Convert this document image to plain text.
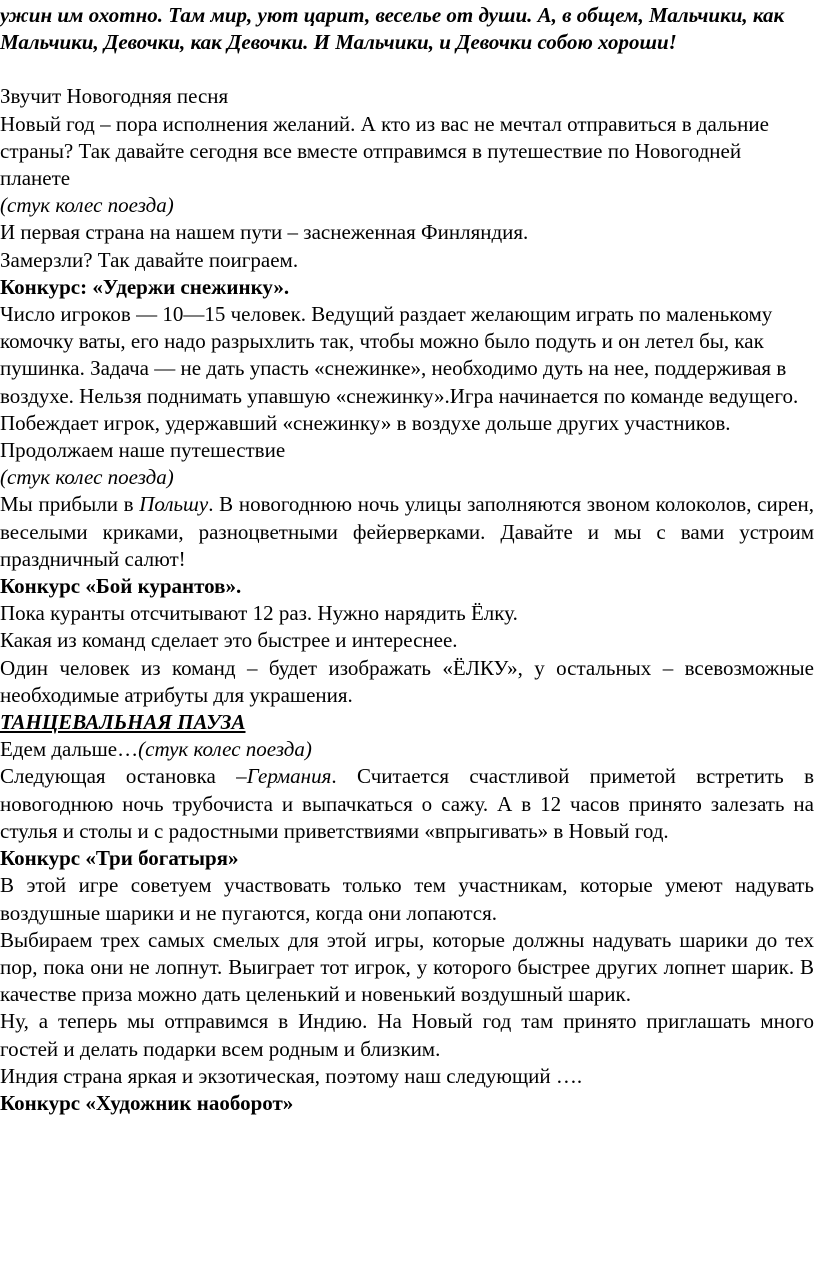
ужин им охотно. Там мир, уют царит, веселье от души. А, в общем, Мальчики, как Мальчики, Девочки, как Девочки. И Мальчики, и Девочки собою хороши!

Звучит Новогодняя песня

Новый год – пора исполнения желаний. А кто из вас не мечтал отправиться в дальние страны? Так давайте сегодня все вместе отправимся в путешествие по Новогодней планете

(стук колес поезда)

И первая страна на нашем пути – заснеженная Финляндия.

Замерзли? Так давайте поиграем.

Конкурс: «Удержи снежинку».

Число игроков — 10—15 человек. Ведущий раздает желающим играть по маленькому комочку ваты, его надо разрыхлить так, чтобы можно было подуть и он летел бы, как пушинка. Задача — не дать упасть «снежинке», необходимо дуть на нее, поддерживая в воздухе. Нельзя поднимать упавшую «снежинку».Игра начинается по команде ведущего. Побеждает игрок, удержавший «снежинку» в воздухе дольше других участников.

Продолжаем наше путешествие

(стук колес поезда)

Мы прибыли в Польшу. В новогоднюю ночь улицы заполняются звоном колоколов, сирен, веселыми криками, разноцветными фейерверками. Давайте и мы с вами устроим праздничный салют!

Конкурс «Бой курантов».

Пока куранты отсчитывают 12 раз. Нужно нарядить Ёлку.

Какая из команд сделает это быстрее и интереснее.

Один человек из команд – будет изображать «ЁЛКУ», у остальных – всевозможные необходимые атрибуты для украшения.

ТАНЦЕВАЛЬНАЯ ПАУЗА

Едем дальше…(стук колес поезда)

Следующая остановка –Германия. Считается счастливой приметой встретить в новогоднюю ночь трубочиста и выпачкаться о сажу. А в 12 часов принято залезать на стулья и столы и с радостными приветствиями «впрыгивать» в Новый год.

Конкурс «Три богатыря»

В этой игре советуем участвовать только тем участникам, которые умеют надувать воздушные шарики и не пугаются, когда они лопаются.

Выбираем трех самых смелых для этой игры, которые должны надувать шарики до тех пор, пока они не лопнут. Выиграет тот игрок, у которого быстрее других лопнет шарик. В качестве приза можно дать целенький и новенький воздушный шарик.

Ну, а теперь мы отправимся в Индию. На Новый год там принято приглашать много гостей и делать подарки всем родным и близким.

Индия страна яркая и экзотическая, поэтому наш следующий ….

Конкурс «Художник наоборот»
